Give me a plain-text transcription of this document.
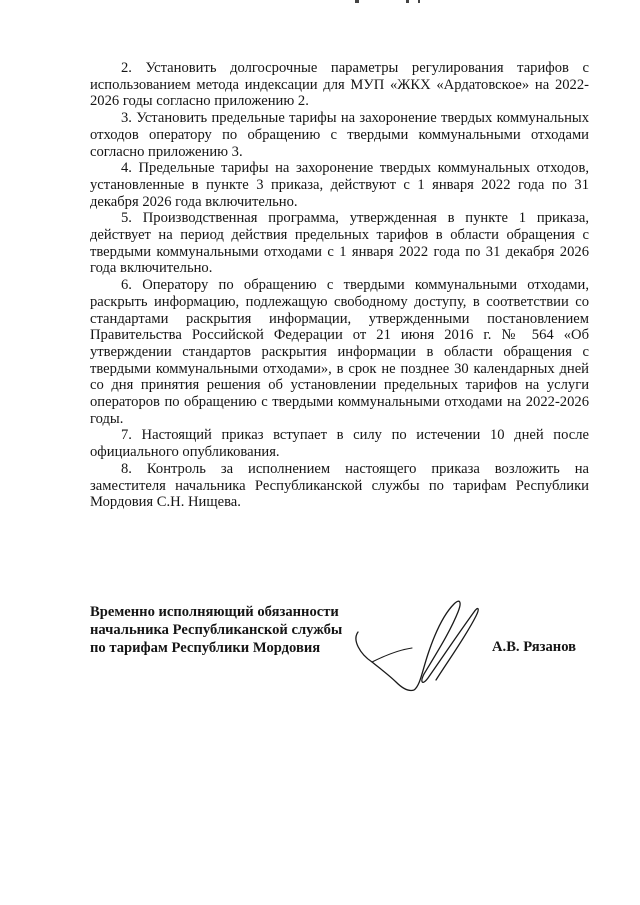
2. Установить долгосрочные параметры регулирования тарифов с использованием метода индексации для МУП «ЖКХ «Ардатовское» на 2022-2026 годы согласно приложению 2.

3. Установить предельные тарифы на захоронение твердых коммунальных отходов оператору по обращению с твердыми коммунальными отходами согласно приложению 3.

4. Предельные тарифы на захоронение твердых коммунальных отходов, установленные в пункте 3 приказа, действуют с 1 января 2022 года по 31 декабря 2026 года включительно.

5. Производственная программа, утвержденная в пункте 1 приказа, действует на период действия предельных тарифов в области обращения с твердыми коммунальными отходами с 1 января 2022 года по 31 декабря 2026 года включительно.

6. Оператору по обращению с твердыми коммунальными отходами, раскрыть информацию, подлежащую свободному доступу, в соответствии со стандартами раскрытия информации, утвержденными постановлением Правительства Российской Федерации от 21 июня 2016 г. № 564 «Об утверждении стандартов раскрытия информации в области обращения с твердыми коммунальными отходами», в срок не позднее 30 календарных дней со дня принятия решения об установлении предельных тарифов на услуги операторов по обращению с твердыми коммунальными отходами на 2022-2026 годы.

7. Настоящий приказ вступает в силу по истечении 10 дней после официального опубликования.

8. Контроль за исполнением настоящего приказа возложить на заместителя начальника Республиканской службы по тарифам Республики Мордовия С.Н. Нищева.

Временно исполняющий обязанности
начальника Республиканской службы
по тарифам Республики Мордовия	А.В. Рязанов
